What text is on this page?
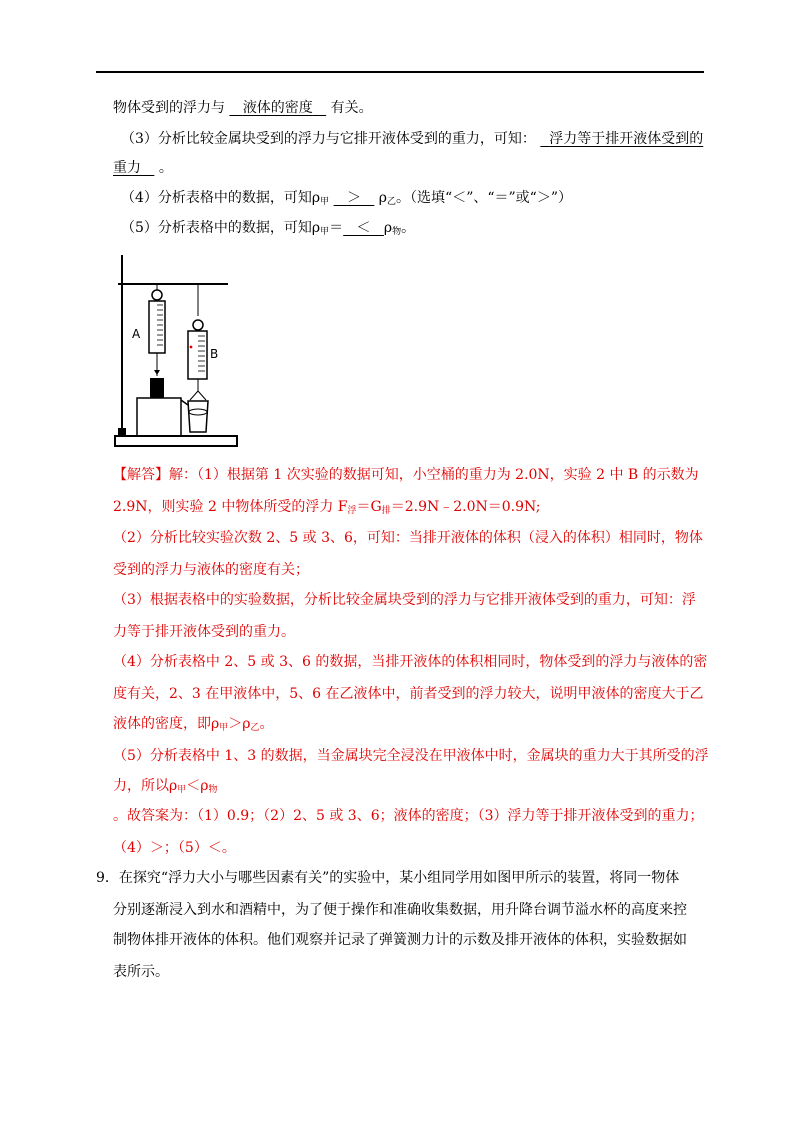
物体受到的浮力与 液体的密度 有关。
（3）分析比较金属块受到的浮力与它排开液体受到的重力，可知： 浮力等于排开液体受到的
重力 。
（4）分析表格中的数据，可知$\rho_甲 > \rho_乙$。（选填“＜”、“＝”或“＞”）
（5）分析表格中的数据，可知$\rho_甲= < \rho_物$。
A
B
【解答】解：（1）根据第 1 次实验的数据可知，小空桶的重力为 2.0N，实验 2 中 B 的示数为
2.9N，则实验 2 中物体所受的浮力 $F_浮=G_排=2.9N﹣2.0N=0.9N$;
（2）分析比较实验次数 2、5 或 3、6，可知：当排开液体的体积（浸入的体积）相同时，物体
受到的浮力与液体的密度有关；
（3）根据表格中的实验数据，分析比较金属块受到的浮力与它排开液体受到的重力，可知：浮
力等于排开液体受到的重力。
（4）分析表格中 2、5 或 3、6 的数据，当排开液体的体积相同时，物体受到的浮力与液体的密
度有关，2、3 在甲液体中，5、6 在乙液体中，前者受到的浮力较大，说明甲液体的密度大于乙
液体的密度，即$\rho_甲>\rho_乙$。
（5）分析表格中 1、3 的数据，当金属块完全浸没在甲液体中时，金属块的重力大于其所受的浮
力，所以$\rho_甲<\rho_物$
。故答案为：（1）0.9；（2）2、5 或 3、6；液体的密度；（3）浮力等于排开液体受到的重力；
（4）＞；（5）＜。
9．在探究“浮力大小与哪些因素有关”的实验中，某小组同学用如图甲所示的装置，将同一物体
分别逐渐浸入到水和酒精中，为了便于操作和准确收集数据，用升降台调节溢水杯的高度来控
制物体排开液体的体积。他们观察并记录了弹簧测力计的示数及排开液体的体积，实验数据如
表所示。
